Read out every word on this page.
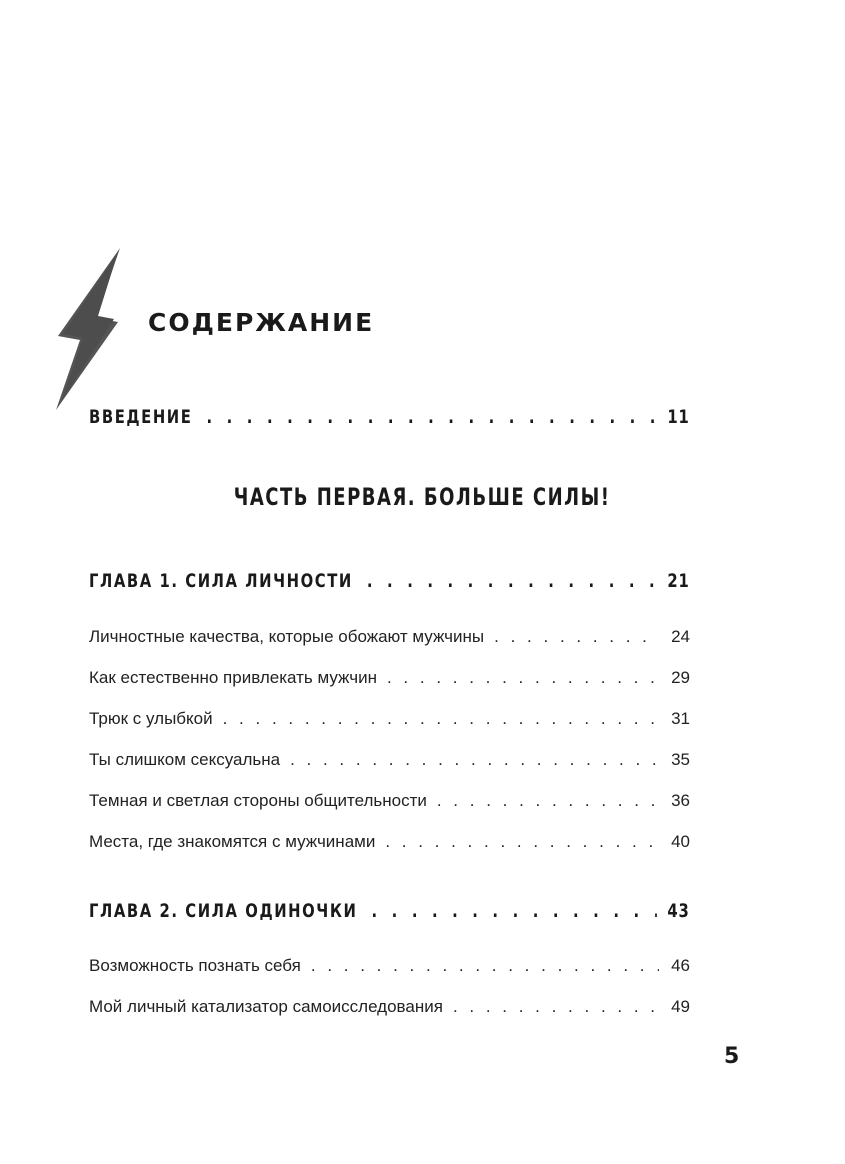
СОДЕРЖАНИЕ
ВВЕДЕНИЕ . . .	11
ЧАСТЬ ПЕРВАЯ. БОЛЬШЕ СИЛЫ!
ГЛАВА 1. СИЛА ЛИЧНОСТИ . . .	21
Личностные качества, которые обожают мужчины . . .	24
Как естественно привлекать мужчин . . .	29
Трюк с улыбкой . . .	31
Ты слишком сексуальна . . .	35
Темная и светлая стороны общительности . . .	36
Места, где знакомятся с мужчинами . . .	40
ГЛАВА 2. СИЛА ОДИНОЧКИ . . .	43
Возможность познать себя . . .	46
Мой личный катализатор самоисследования . . .	49
5
